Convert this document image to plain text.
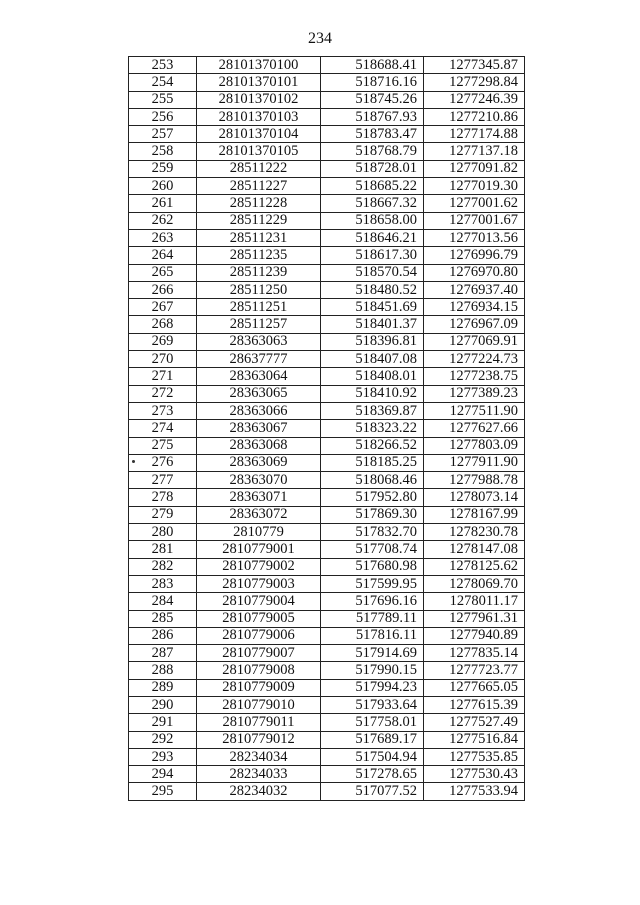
234
253	28101370100	518688.41	1277345.87
254	28101370101	518716.16	1277298.84
255	28101370102	518745.26	1277246.39
256	28101370103	518767.93	1277210.86
257	28101370104	518783.47	1277174.88
258	28101370105	518768.79	1277137.18
259	28511222	518728.01	1277091.82
260	28511227	518685.22	1277019.30
261	28511228	518667.32	1277001.62
262	28511229	518658.00	1277001.67
263	28511231	518646.21	1277013.56
264	28511235	518617.30	1276996.79
265	28511239	518570.54	1276970.80
266	28511250	518480.52	1276937.40
267	28511251	518451.69	1276934.15
268	28511257	518401.37	1276967.09
269	28363063	518396.81	1277069.91
270	28637777	518407.08	1277224.73
271	28363064	518408.01	1277238.75
272	28363065	518410.92	1277389.23
273	28363066	518369.87	1277511.90
274	28363067	518323.22	1277627.66
275	28363068	518266.52	1277803.09
276	28363069	518185.25	1277911.90
277	28363070	518068.46	1277988.78
278	28363071	517952.80	1278073.14
279	28363072	517869.30	1278167.99
280	2810779	517832.70	1278230.78
281	2810779001	517708.74	1278147.08
282	2810779002	517680.98	1278125.62
283	2810779003	517599.95	1278069.70
284	2810779004	517696.16	1278011.17
285	2810779005	517789.11	1277961.31
286	2810779006	517816.11	1277940.89
287	2810779007	517914.69	1277835.14
288	2810779008	517990.15	1277723.77
289	2810779009	517994.23	1277665.05
290	2810779010	517933.64	1277615.39
291	2810779011	517758.01	1277527.49
292	2810779012	517689.17	1277516.84
293	28234034	517504.94	1277535.85
294	28234033	517278.65	1277530.43
295	28234032	517077.52	1277533.94
